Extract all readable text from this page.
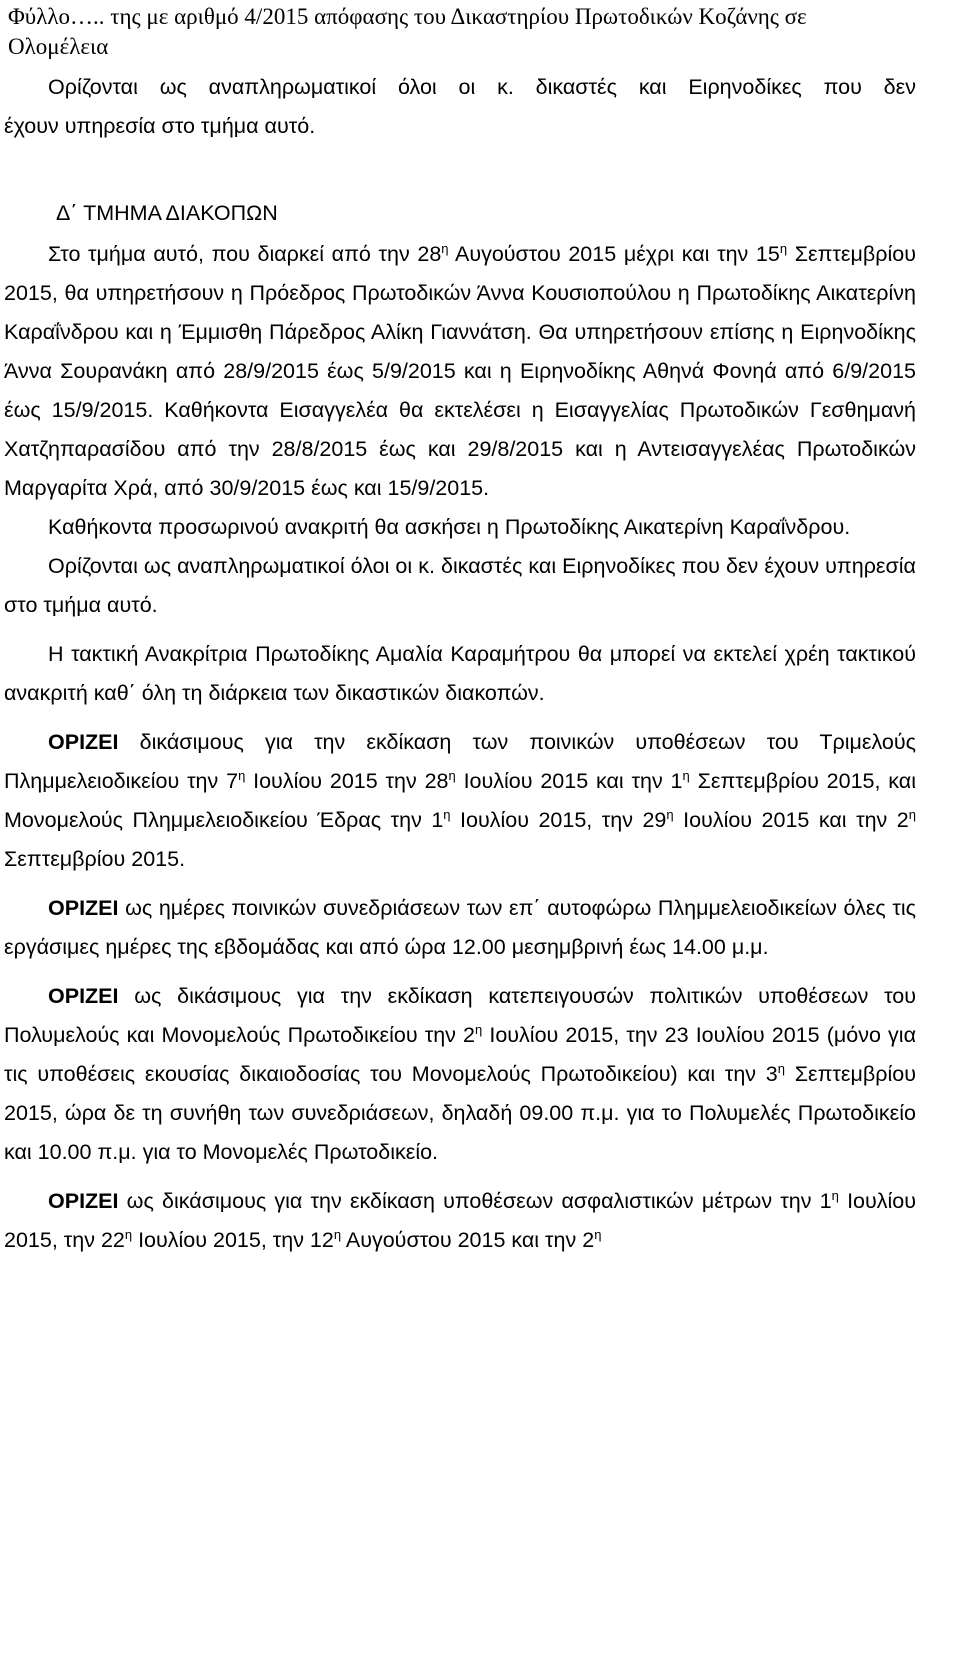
Φύλλο….. της με αριθμό 4/2015 απόφασης του Δικαστηρίου Πρωτοδικών Κοζάνης σε
Ολομέλεια

Ορίζονται ως αναπληρωματικοί όλοι οι κ. δικαστές και Ειρηνοδίκες που δεν

έχουν υπηρεσία στο τμήμα αυτό.

Δ΄ ΤΜΗΜΑ ΔΙΑΚΟΠΩΝ

Στο τμήμα αυτό, που διαρκεί από την $28^\eta$ Αυγούστου 2015 μέχρι και την $15^\eta$ Σεπτεμβρίου 2015, θα υπηρετήσουν η Πρόεδρος Πρωτοδικών Άννα Κουσιοπούλου η Πρωτοδίκης Αικατερίνη Καραΐνδρου και η Έμμισθη Πάρεδρος Αλίκη Γιαννάτση. Θα υπηρετήσουν επίσης η Ειρηνοδίκης Άννα Σουρανάκη από 28/9/2015 έως 5/9/2015 και η Ειρηνοδίκης Αθηνά Φονηά από 6/9/2015 έως 15/9/2015. Καθήκοντα Εισαγγελέα θα εκτελέσει η Εισαγγελίας Πρωτοδικών Γεσθημανή Χατζηπαρασίδου από την 28/8/2015 έως και 29/8/2015 και η Αντεισαγγελέας Πρωτοδικών Μαργαρίτα Χρά, από 30/9/2015 έως και 15/9/2015.

Καθήκοντα προσωρινού ανακριτή θα ασκήσει η Πρωτοδίκης Αικατερίνη Καραΐνδρου.

Ορίζονται ως αναπληρωματικοί όλοι οι κ. δικαστές και Ειρηνοδίκες που δεν έχουν υπηρεσία στο τμήμα αυτό.

Η τακτική Ανακρίτρια Πρωτοδίκης Αμαλία Καραμήτρου θα μπορεί να εκτελεί χρέη τακτικού ανακριτή καθ΄ όλη τη διάρκεια των δικαστικών διακοπών.

ΟΡΙΖΕΙ δικάσιμους για την εκδίκαση των ποινικών υποθέσεων του Τριμελούς Πλημμελειοδικείου την $7^\eta$ Ιουλίου 2015 την $28^\eta$ Ιουλίου 2015 και την $1^\eta$ Σεπτεμβρίου 2015, και Μονομελούς Πλημμελειοδικείου Έδρας την $1^\eta$ Ιουλίου 2015, την $29^\eta$ Ιουλίου 2015 και την $2^\eta$ Σεπτεμβρίου 2015.

ΟΡΙΖΕΙ ως ημέρες ποινικών συνεδριάσεων των επ΄ αυτοφώρω Πλημμελειοδικείων όλες τις εργάσιμες ημέρες της εβδομάδας και από ώρα 12.00 μεσημβρινή έως 14.00 μ.μ.

ΟΡΙΖΕΙ ως δικάσιμους για την εκδίκαση κατεπειγουσών πολιτικών υποθέσεων του Πολυμελούς και Μονομελούς Πρωτοδικείου την $2^\eta$ Ιουλίου 2015, την 23 Ιουλίου 2015 (μόνο για τις υποθέσεις εκουσίας δικαιοδοσίας του Μονομελούς Πρωτοδικείου) και την $3^\eta$ Σεπτεμβρίου 2015, ώρα δε τη συνήθη των συνεδριάσεων, δηλαδή 09.00 π.μ. για το Πολυμελές Πρωτοδικείο και 10.00 π.μ. για το Μονομελές Πρωτοδικείο.

ΟΡΙΖΕΙ ως δικάσιμους για την εκδίκαση υποθέσεων ασφαλιστικών μέτρων την $1^\eta$ Ιουλίου 2015, την $22^\eta$ Ιουλίου 2015, την $12^\eta$ Αυγούστου 2015 και την $2^\eta$
